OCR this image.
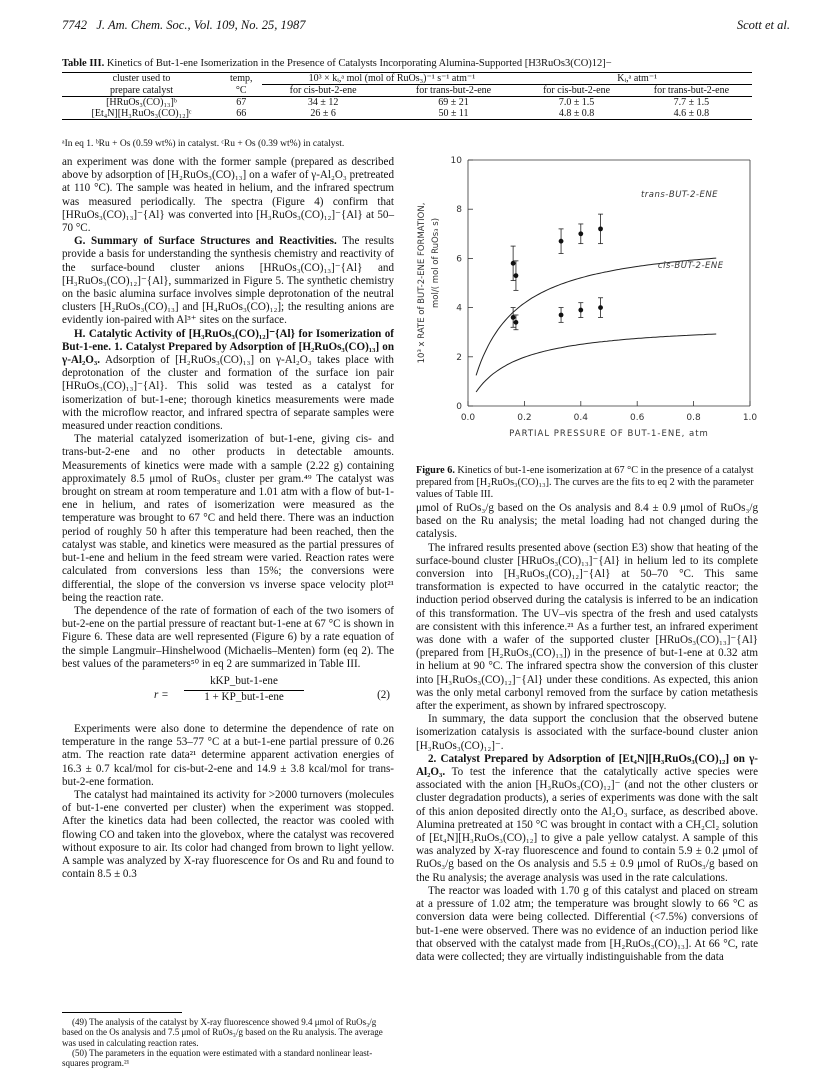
7742   J. Am. Chem. Soc., Vol. 109, No. 25, 1987	Scott et al.
Table III. Kinetics of But-1-ene Isomerization in the Presence of Catalysts Incorporating Alumina-Supported [H3RuOs3(CO)12]−
cluster used to	temp,	10³ × kᵢ,ᵃ mol (mol of RuOs₃)⁻¹ s⁻¹ atm⁻¹		Kᵢ,ᵃ atm⁻¹	
prepare catalyst	°C	for cis-but-2-ene	for trans-but-2-ene	for cis-but-2-ene	for trans-but-2-ene
[HRuOs₃(CO)₁₃]ᵇ	67	34 ± 12	69 ± 21	7.0 ± 1.5	7.7 ± 1.5
[Et₄N][H₃RuOs₃(CO)₁₂]ᶜ	66	26 ± 6	50 ± 11	4.8 ± 0.8	4.6 ± 0.8
ᵃIn eq 1. ᵇRu + Os (0.59 wt%) in catalyst. ᶜRu + Os (0.39 wt%) in catalyst.

an experiment was done with the former sample (prepared as described above by adsorption of [H₂RuOs₃(CO)₁₃] on a wafer of γ-Al₂O₃ pretreated at 110 °C). The sample was heated in helium, and the infrared spectrum was measured periodically. The spectra (Figure 4) confirm that [HRuOs₃(CO)₁₃]⁻{Al} was converted into [H₃RuOs₃(CO)₁₂]⁻{Al} at 50–70 °C.

G. Summary of Surface Structures and Reactivities. The results provide a basis for understanding the synthesis chemistry and reactivity of the surface-bound cluster anions [HRuOs₃(CO)₁₃]⁻{Al} and [H₃RuOs₃(CO)₁₂]⁻{Al}, summarized in Figure 5. The synthetic chemistry on the basic alumina surface involves simple deprotonation of the neutral clusters [H₂RuOs₃(CO)₁₃] and [H₄RuOs₃(CO)₁₂]; the resulting anions are evidently ion-paired with Al³⁺ sites on the surface.

H. Catalytic Activity of [H₃RuOs₃(CO)₁₂]⁻{Al} for Isomerization of But-1-ene. 1. Catalyst Prepared by Adsorption of [H₂RuOs₃(CO)₁₃] on γ-Al₂O₃. Adsorption of [H₂RuOs₃(CO)₁₃] on γ-Al₂O₃ takes place with deprotonation of the cluster and formation of the surface ion pair [HRuOs₃(CO)₁₃]⁻{Al}. This solid was tested as a catalyst for isomerization of but-1-ene; thorough kinetics measurements were made with the microflow reactor, and infrared spectra of separate samples were measured under reaction conditions.

The material catalyzed isomerization of but-1-ene, giving cis- and trans-but-2-ene and no other products in detectable amounts. Measurements of kinetics were made with a sample (2.22 g) containing approximately 8.5 μmol of RuOs₃ cluster per gram.⁴⁹ The catalyst was brought on stream at room temperature and 1.01 atm with a flow of but-1-ene in helium, and rates of isomerization were measured as the temperature was brought to 67 °C and held there. There was an induction period of roughly 50 h after this temperature had been reached, then the catalyst was stable, and kinetics were measured as the partial pressures of but-1-ene and helium in the feed stream were varied. Reaction rates were calculated from conversions less than 15%; the conversions were differential, the slope of the conversion vs inverse space velocity plot²¹ being the reaction rate.

The dependence of the rate of formation of each of the two isomers of but-2-ene on the partial pressure of reactant but-1-ene at 67 °C is shown in Figure 6. These data are well represented (Figure 6) by a rate equation of the simple Langmuir–Hinshelwood (Michaelis–Menten) form (eq 2). The best values of the parameters⁵⁰ in eq 2 are summarized in Table III.

r =
kKP_but-1-ene
1 + KP_but-1-ene	(2)

Experiments were also done to determine the dependence of rate on temperature in the range 53–77 °C at a but-1-ene partial pressure of 0.26 atm. The reaction rate data²¹ determine apparent activation energies of 16.3 ± 0.7 kcal/mol for cis-but-2-ene and 14.9 ± 3.8 kcal/mol for trans-but-2-ene formation.

The catalyst had maintained its activity for >2000 turnovers (molecules of but-1-ene converted per cluster) when the experiment was stopped. After the kinetics data had been collected, the reactor was cooled with flowing CO and taken into the glovebox, where the catalyst was recovered without exposure to air. Its color had changed from brown to light yellow. A sample was analyzed by X-ray fluorescence for Os and Ru and found to contain 8.5 ± 0.3

(49) The analysis of the catalyst by X-ray fluorescence showed 9.4 μmol of RuOs₃/g based on the Os analysis and 7.5 μmol of RuOs₃/g based on the Ru analysis. The average was used in calculating reaction rates.

(50) The parameters in the equation were estimated with a standard nonlinear least-squares program.²¹

0.0	0.2	0.4	0.6	0.8	1.0
0
2
4
6
8
10
PARTIAL PRESSURE OF BUT-1-ENE, atm
10³ x RATE of BUT-2-ENE FORMATION, mol/( mol of RuOs₃ s)
trans-BUT-2-ENE
cis-BUT-2-ENE
Figure 6. Kinetics of but-1-ene isomerization at 67 °C in the presence of a catalyst prepared from [H₂RuOs₃(CO)₁₃]. The curves are the fits to eq 2 with the parameter values of Table III.

μmol of RuOs₃/g based on the Os analysis and 8.4 ± 0.9 μmol of RuOs₃/g based on the Ru analysis; the metal loading had not changed during the catalysis.

The infrared results presented above (section E3) show that heating of the surface-bound cluster [HRuOs₃(CO)₁₃]⁻{Al} in helium led to its complete conversion into [H₃RuOs₃(CO)₁₂]⁻{Al} at 50–70 °C. This same transformation is expected to have occurred in the catalytic reactor; the induction period observed during the catalysis is inferred to be an indication of this transformation. The UV–vis spectra of the fresh and used catalysts are consistent with this inference.²¹ As a further test, an infrared experiment was done with a wafer of the supported cluster [HRuOs₃(CO)₁₃]⁻{Al} (prepared from [H₂RuOs₃(CO)₁₃]) in the presence of but-1-ene at 0.32 atm in helium at 90 °C. The infrared spectra show the conversion of this cluster into [H₃RuOs₃(CO)₁₂]⁻{Al} under these conditions. As expected, this anion was the only metal carbonyl removed from the surface by cation metathesis after the experiment, as shown by infrared spectroscopy.

In summary, the data support the conclusion that the observed butene isomerization catalysis is associated with the surface-bound cluster anion [H₃RuOs₃(CO)₁₂]⁻.

2. Catalyst Prepared by Adsorption of [Et₄N][H₃RuOs₃(CO)₁₂] on γ-Al₂O₃. To test the inference that the catalytically active species were associated with the anion [H₃RuOs₃(CO)₁₂]⁻ (and not the other clusters or cluster degradation products), a series of experiments was done with the salt of this anion deposited directly onto the Al₂O₃ surface, as described above. Alumina pretreated at 150 °C was brought in contact with a CH₂Cl₂ solution of [Et₄N][H₃RuOs₃(CO)₁₂] to give a pale yellow catalyst. A sample of this was analyzed by X-ray fluorescence and found to contain 5.9 ± 0.2 μmol of RuOs₃/g based on the Os analysis and 5.5 ± 0.9 μmol of RuOs₃/g based on the Ru analysis; the average analysis was used in the rate calculations.

The reactor was loaded with 1.70 g of this catalyst and placed on stream at a pressure of 1.02 atm; the temperature was brought slowly to 66 °C as conversion data were being collected. Differential (<7.5%) conversions of but-1-ene were observed. There was no evidence of an induction period like that observed with the catalyst made from [H₂RuOs₃(CO)₁₃]. At 66 °C, rate data were collected; they are virtually indistinguishable from the data
